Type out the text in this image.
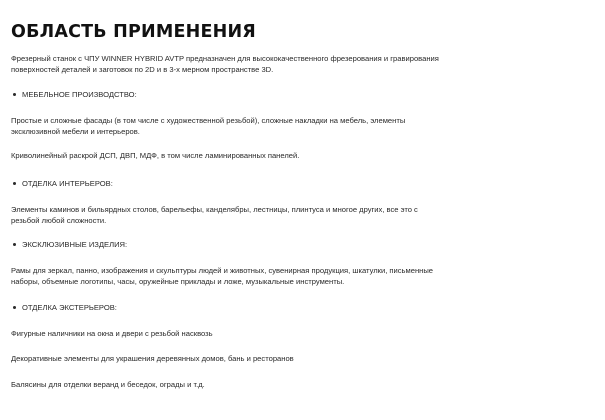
ОБЛАСТЬ ПРИМЕНЕНИЯ

Фрезерный станок с ЧПУ WINNER HYBRID AVTP предназначен для высококачественного фрезерования и гравирования
поверхностей деталей и заготовок по 2D и в 3-х мерном пространстве 3D.

МЕБЕЛЬНОЕ ПРОИЗВОДСТВО:

Простые и сложные фасады (в том числе с художественной резьбой), сложные накладки на мебель, элементы
эксклюзивной мебели и интерьеров.

Криволинейный раскрой ДСП, ДВП, МДФ, в том числе ламинированных панелей.

ОТДЕЛКА ИНТЕРЬЕРОВ:

Элементы каминов и бильярдных столов, барельефы, канделябры, лестницы, плинтуса и многое других, все это с
резьбой любой сложности.

ЭКСКЛЮЗИВНЫЕ ИЗДЕЛИЯ:

Рамы для зеркал, панно, изображения и скульптуры людей и животных, сувенирная продукция, шкатулки, письменные
наборы, объемные логотипы, часы, оружейные приклады и ложе, музыкальные инструменты.

ОТДЕЛКА ЭКСТЕРЬЕРОВ:

Фигурные наличники на окна и двери с резьбой насквозь

Декоративные элементы для украшения деревянных домов, бань и ресторанов

Балясины для отделки веранд и беседок, ограды и т.д.
